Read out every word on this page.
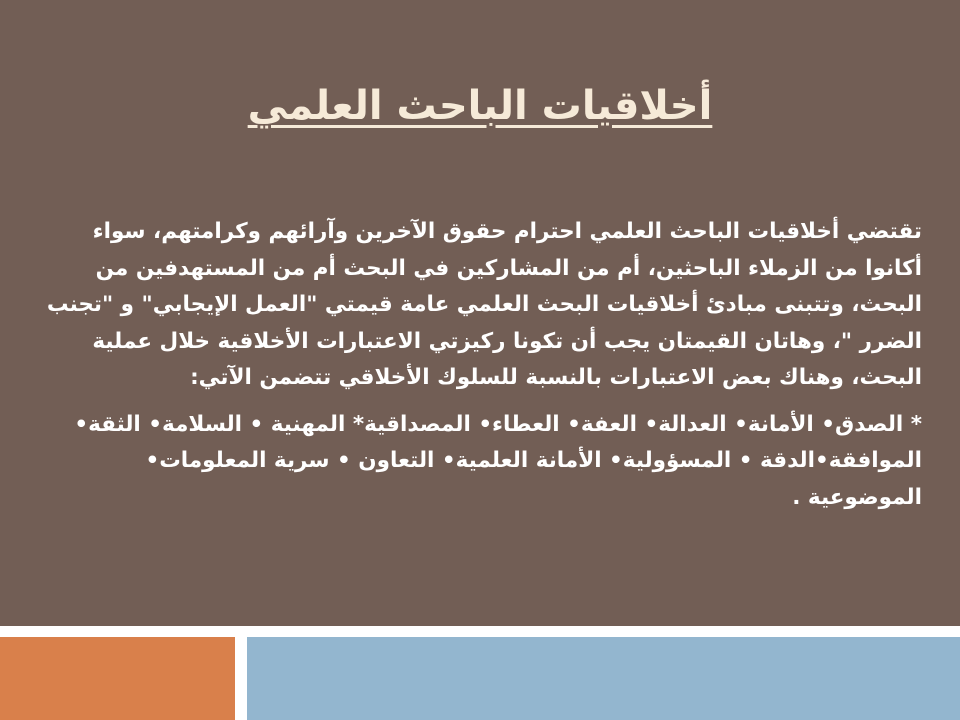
أخلاقيات الباحث العلمي

تقتضي أخلاقيات الباحث العلمي احترام حقوق الآخرين وآرائهم وكرامتهم، سواء أكانوا من الزملاء الباحثين، أم من المشاركين في البحث أم من المستهدفين من البحث، وتتبنى مبادئ أخلاقيات البحث العلمي عامة قيمتي "العمل الإيجابي" و "تجنب الضرر "، وهاتان القيمتان يجب أن تكونا ركيزتي الاعتبارات الأخلاقية خلال عملية البحث، وهناك بعض الاعتبارات بالنسبة للسلوك الأخلاقي تتضمن الآتي:

* الصدق• الأمانة• العدالة• العفة• العطاء• المصداقية* المهنية • السلامة• الثقة• الموافقة•الدقة • المسؤولية• الأمانة العلمية• التعاون • سرية المعلومات• الموضوعية .
